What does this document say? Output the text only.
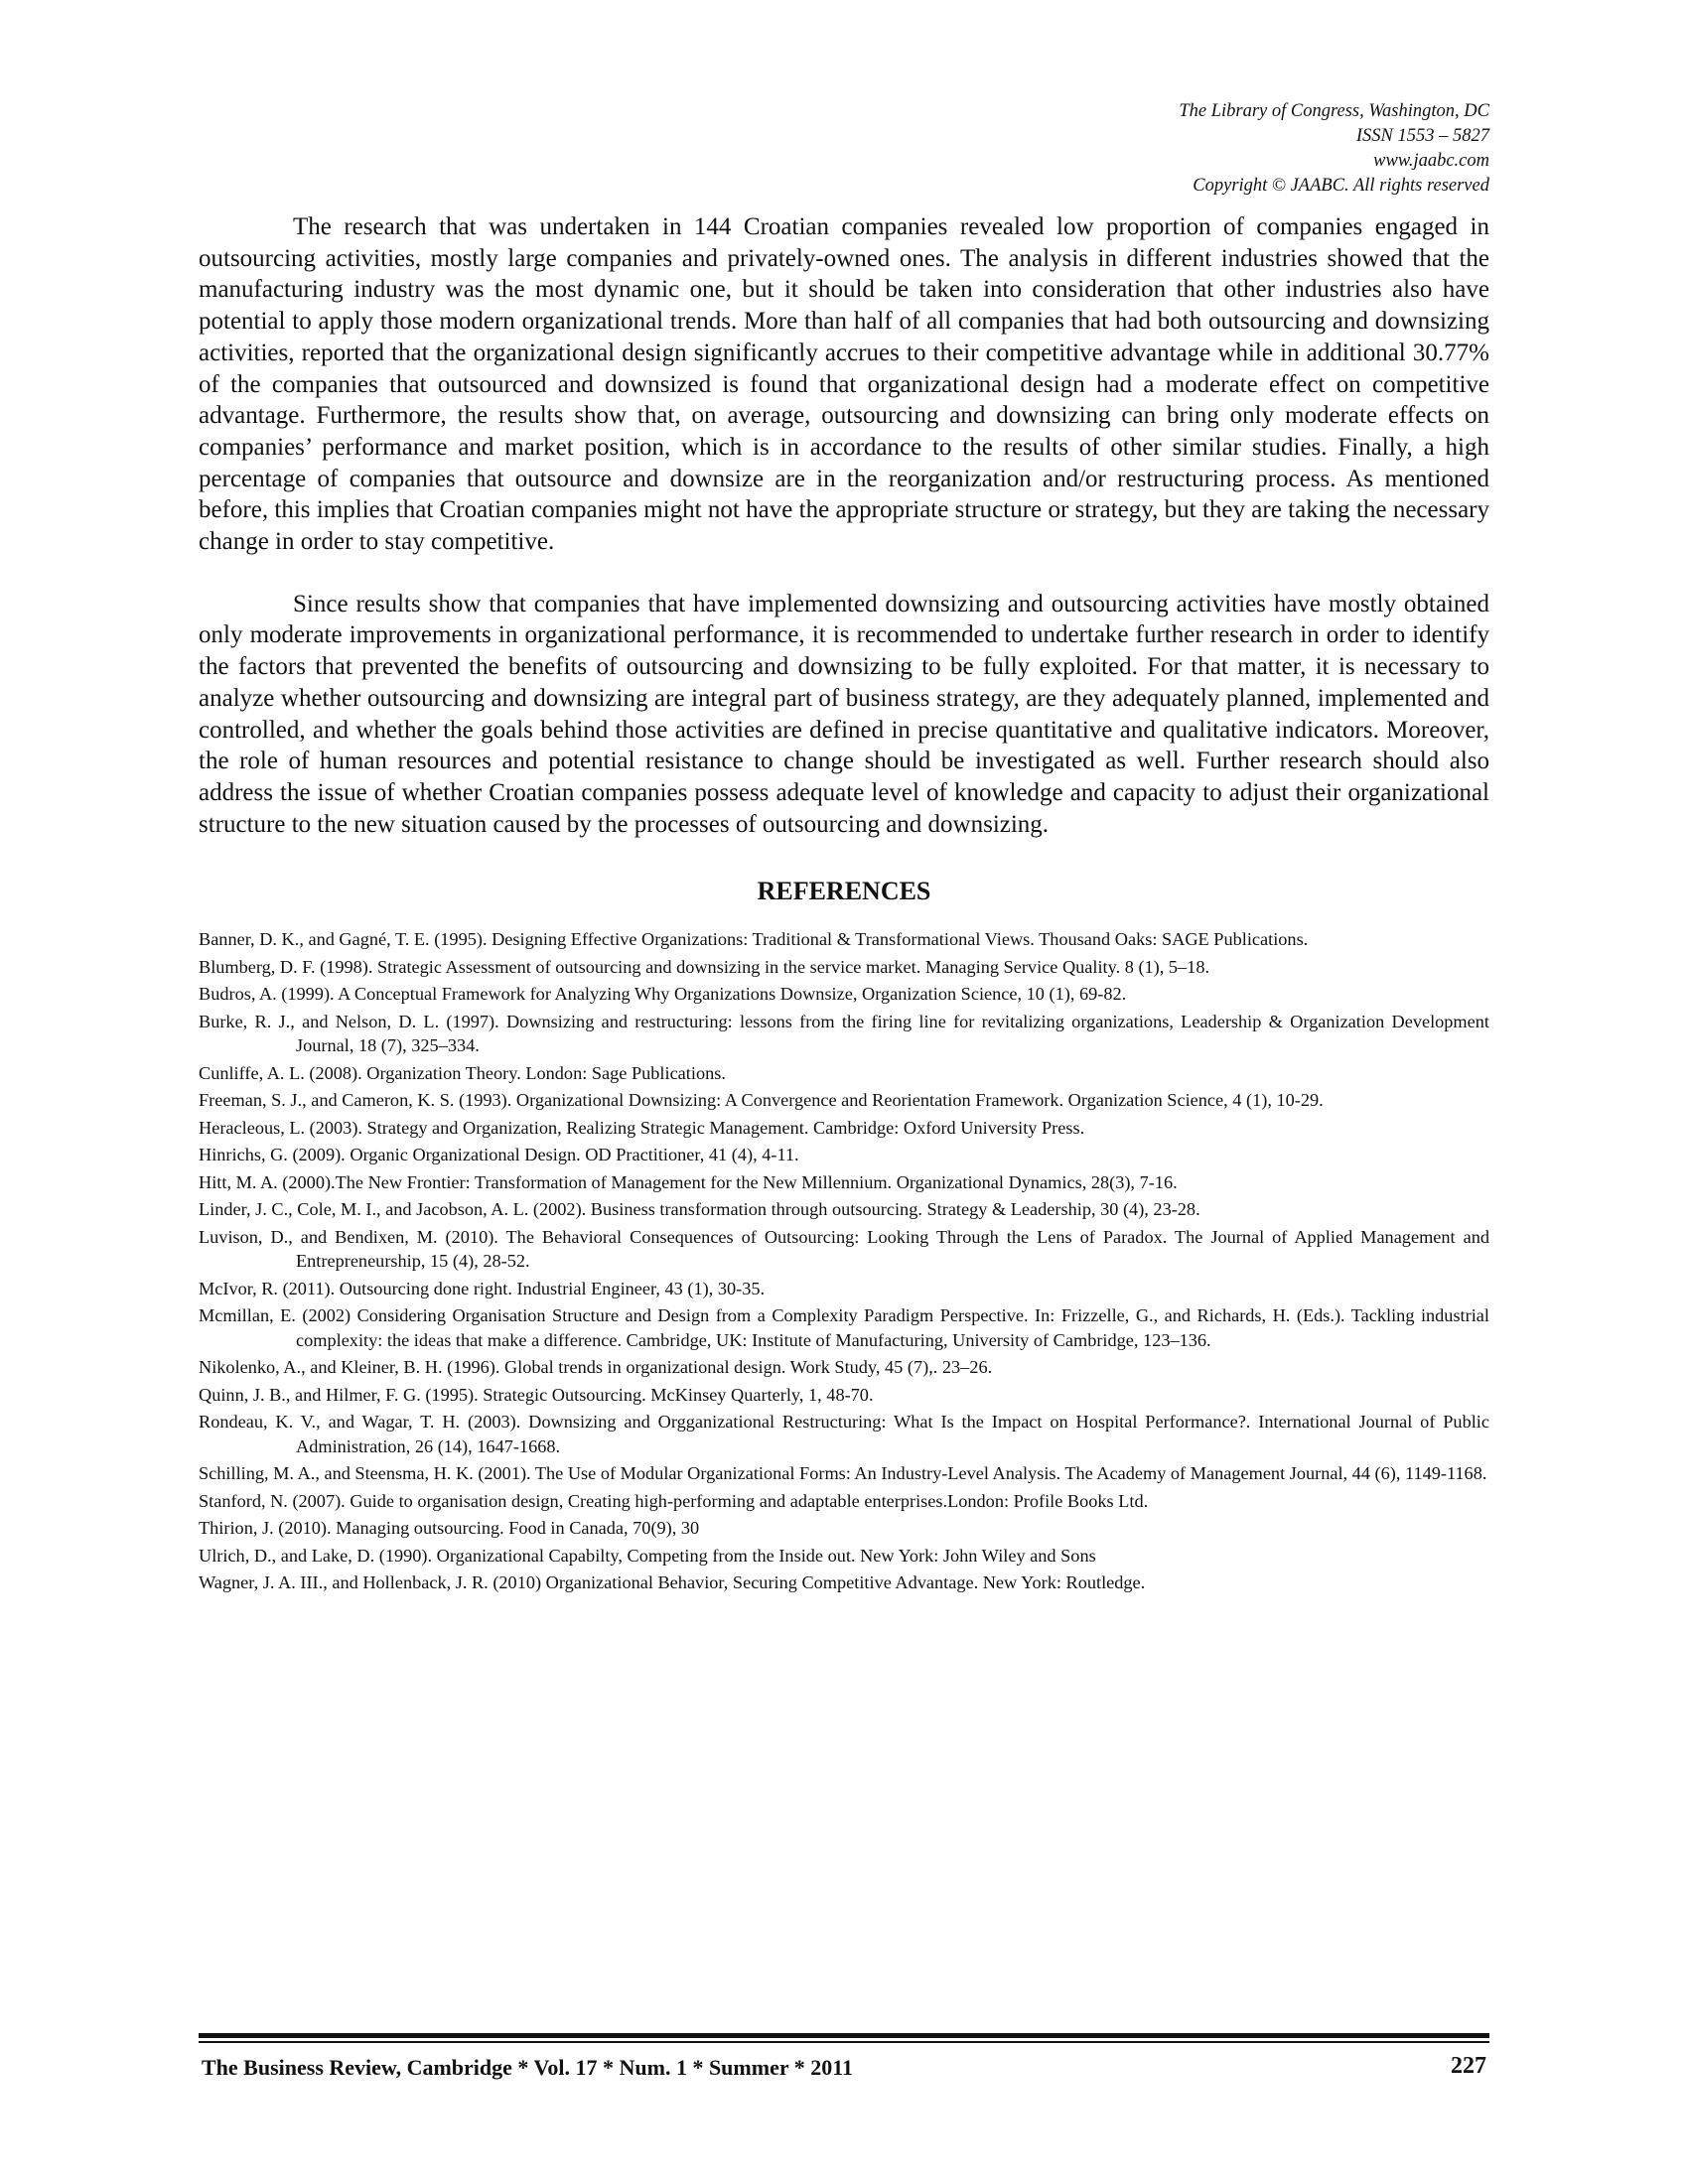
The Library of Congress, Washington, DC
ISSN 1553 – 5827
www.jaabc.com
Copyright © JAABC. All rights reserved

The research that was undertaken in 144 Croatian companies revealed low proportion of companies engaged in outsourcing activities, mostly large companies and privately-owned ones. The analysis in different industries showed that the manufacturing industry was the most dynamic one, but it should be taken into consideration that other industries also have potential to apply those modern organizational trends. More than half of all companies that had both outsourcing and downsizing activities, reported that the organizational design significantly accrues to their competitive advantage while in additional 30.77% of the companies that outsourced and downsized is found that organizational design had a moderate effect on competitive advantage. Furthermore, the results show that, on average, outsourcing and downsizing can bring only moderate effects on companies’ performance and market position, which is in accordance to the results of other similar studies. Finally, a high percentage of companies that outsource and downsize are in the reorganization and/or restructuring process. As mentioned before, this implies that Croatian companies might not have the appropriate structure or strategy, but they are taking the necessary change in order to stay competitive.

Since results show that companies that have implemented downsizing and outsourcing activities have mostly obtained only moderate improvements in organizational performance, it is recommended to undertake further research in order to identify the factors that prevented the benefits of outsourcing and downsizing to be fully exploited. For that matter, it is necessary to analyze whether outsourcing and downsizing are integral part of business strategy, are they adequately planned, implemented and controlled, and whether the goals behind those activities are defined in precise quantitative and qualitative indicators. Moreover, the role of human resources and potential resistance to change should be investigated as well. Further research should also address the issue of whether Croatian companies possess adequate level of knowledge and capacity to adjust their organizational structure to the new situation caused by the processes of outsourcing and downsizing.

REFERENCES
Banner, D. K., and Gagné, T. E. (1995). Designing Effective Organizations: Traditional & Transformational Views. Thousand Oaks: SAGE Publications.
Blumberg, D. F. (1998). Strategic Assessment of outsourcing and downsizing in the service market. Managing Service Quality. 8 (1), 5–18.
Budros, A. (1999). A Conceptual Framework for Analyzing Why Organizations Downsize, Organization Science, 10 (1), 69-82.
Burke, R. J., and Nelson, D. L. (1997). Downsizing and restructuring: lessons from the firing line for revitalizing organizations, Leadership & Organization Development Journal, 18 (7), 325–334.
Cunliffe, A. L. (2008). Organization Theory. London: Sage Publications.
Freeman, S. J., and Cameron, K. S. (1993). Organizational Downsizing: A Convergence and Reorientation Framework. Organization Science, 4 (1), 10-29.
Heracleous, L. (2003). Strategy and Organization, Realizing Strategic Management. Cambridge: Oxford University Press.
Hinrichs, G. (2009). Organic Organizational Design. OD Practitioner, 41 (4), 4-11.
Hitt, M. A. (2000).The New Frontier: Transformation of Management for the New Millennium. Organizational Dynamics, 28(3), 7-16.
Linder, J. C., Cole, M. I., and Jacobson, A. L. (2002). Business transformation through outsourcing. Strategy & Leadership, 30 (4), 23-28.
Luvison, D., and Bendixen, M. (2010). The Behavioral Consequences of Outsourcing: Looking Through the Lens of Paradox. The Journal of Applied Management and Entrepreneurship, 15 (4), 28-52.
McIvor, R. (2011). Outsourcing done right. Industrial Engineer, 43 (1), 30-35.
Mcmillan, E. (2002) Considering Organisation Structure and Design from a Complexity Paradigm Perspective. In: Frizzelle, G., and Richards, H. (Eds.). Tackling industrial complexity: the ideas that make a difference. Cambridge, UK: Institute of Manufacturing, University of Cambridge, 123–136.
Nikolenko, A., and Kleiner, B. H. (1996). Global trends in organizational design. Work Study, 45 (7),. 23–26.
Quinn, J. B., and Hilmer, F. G. (1995). Strategic Outsourcing. McKinsey Quarterly, 1, 48-70.
Rondeau, K. V., and Wagar, T. H. (2003). Downsizing and Orgganizational Restructuring: What Is the Impact on Hospital Performance?. International Journal of Public Administration, 26 (14), 1647-1668.
Schilling, M. A., and Steensma, H. K. (2001). The Use of Modular Organizational Forms: An Industry-Level Analysis. The Academy of Management Journal, 44 (6), 1149-1168.
Stanford, N. (2007). Guide to organisation design, Creating high-performing and adaptable enterprises.London: Profile Books Ltd.
Thirion, J. (2010). Managing outsourcing. Food in Canada, 70(9), 30
Ulrich, D., and Lake, D. (1990). Organizational Capabilty, Competing from the Inside out. New York: John Wiley and Sons
Wagner, J. A. III., and Hollenback, J. R. (2010) Organizational Behavior, Securing Competitive Advantage. New York: Routledge.
The Business Review, Cambridge * Vol. 17 * Num. 1 * Summer * 2011	227
